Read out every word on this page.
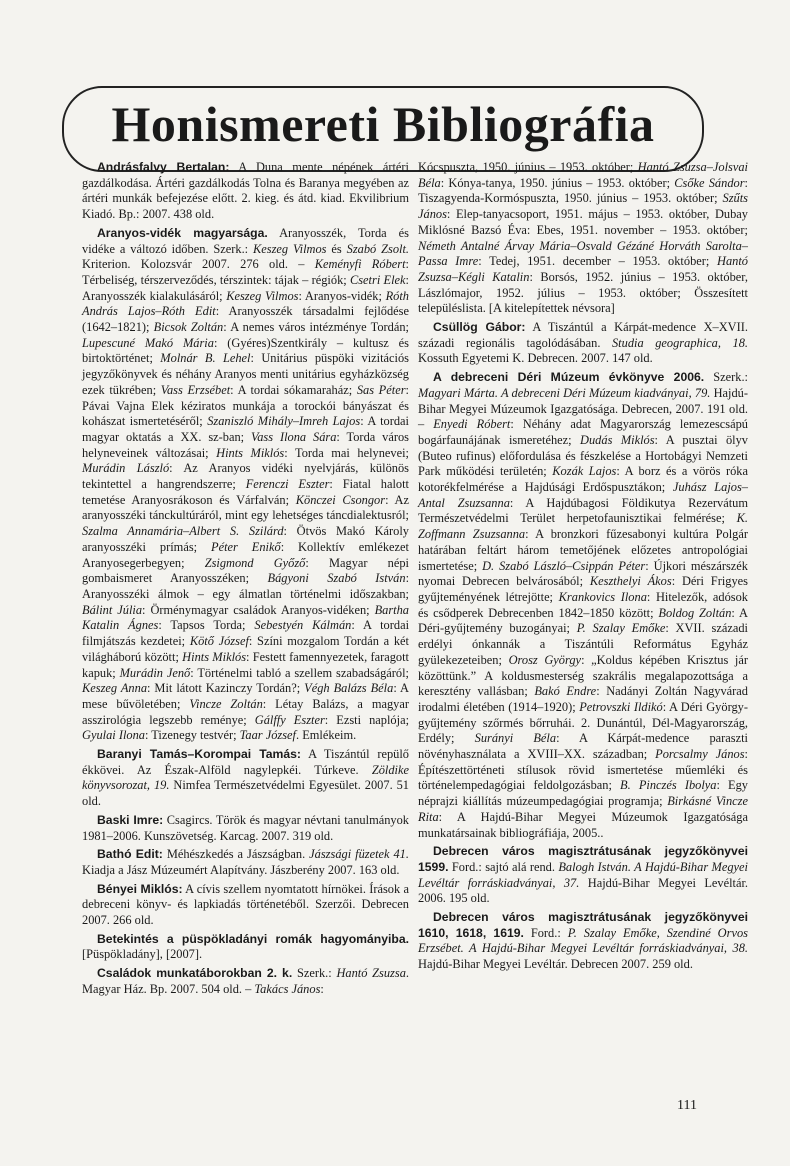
Honismereti Bibliográfia

Andrásfalvy Bertalan: A Duna mente népének ártéri gazdálkodása. Ártéri gazdálkodás Tolna és Baranya megyében az ártéri munkák befejezése előtt. 2. kieg. és átd. kiad. Ekvilibrium Kiadó. Bp.: 2007. 438 old.

Aranyos-vidék magyarsága. Aranyosszék, Torda és vidéke a változó időben. Szerk.: Keszeg Vilmos és Szabó Zsolt. Kriterion. Kolozsvár 2007. 276 old. – Keményfi Róbert: Térbeliség, térszerveződés, térszintek: tájak – régiók; Csetri Elek: Aranyosszék kialakulásáról; Keszeg Vilmos: Aranyos-vidék; Róth András Lajos–Róth Edit: Aranyosszék társadalmi fejlődése (1642–1821); Bicsok Zoltán: A nemes város intézménye Tordán; Lupescuné Makó Mária: (Gyéres)Szentkirály – kultusz és birtoktörténet; Molnár B. Lehel: Unitárius püspöki vizitációs jegyzőkönyvek és néhány Aranyos menti unitárius egyházközség ezek tükrében; Vass Erzsébet: A tordai sókamaraház; Sas Péter: Pávai Vajna Elek kéziratos munkája a torockói bányászat és kohászat ismertetéséről; Szaniszló Mihály–Imreh Lajos: A tordai magyar oktatás a XX. sz-ban; Vass Ilona Sára: Torda város helyneveinek változásai; Hints Miklós: Torda mai helynevei; Murádin László: Az Aranyos vidéki nyelvjárás, különös tekintettel a hangrendszerre; Ferenczi Eszter: Fiatal halott temetése Aranyosrákoson és Várfalván; Könczei Csongor: Az aranyosszéki tánckultúráról, mint egy lehetséges táncdialektusról; Szalma Annamária–Albert S. Szilárd: Ötvös Makó Károly aranyosszéki prímás; Péter Enikő: Kollektív emlékezet Aranyosegerbegyen; Zsigmond Győző: Magyar népi gombaismeret Aranyosszéken; Bágyoni Szabó István: Aranyosszéki álmok – egy álmatlan történelmi időszakban; Bálint Júlia: Örménymagyar családok Aranyos-vidéken; Bartha Katalin Ágnes: Tapsos Torda; Sebestyén Kálmán: A tordai filmjátszás kezdetei; Kötő József: Színi mozgalom Tordán a két világháború között; Hints Miklós: Festett famennyezetek, faragott kapuk; Murádin Jenő: Történelmi tabló a szellem szabadságáról; Keszeg Anna: Mit látott Kazinczy Tordán?; Végh Balázs Béla: A mese bűvöletében; Vincze Zoltán: Létay Balázs, a magyar asszirológia legszebb reménye; Gálffy Eszter: Ezsti naplója; Gyulai Ilona: Tizenegy testvér; Taar József. Emlékeim.

Baranyi Tamás–Korompai Tamás: A Tiszántúl repülő ékkövei. Az Észak-Alföld nagylepkéi. Túrkeve. Zöldike könyvsorozat, 19. Nimfea Természetvédelmi Egyesület. 2007. 51 old.

Baski Imre: Csagircs. Török és magyar névtani tanulmányok 1981–2006. Kunszövetség. Karcag. 2007. 319 old.

Bathó Edit: Méhészkedés a Jászságban. Jászsági füzetek 41. Kiadja a Jász Múzeumért Alapítvány. Jászberény 2007. 163 old.

Bényei Miklós: A cívis szellem nyomtatott hírnökei. Írások a debreceni könyv- és lapkiadás történetéből. Szerzői. Debrecen 2007. 266 old.

Betekintés a püspökladányi romák hagyományiba. [Püspökladány], [2007].

Családok munkatáborokban 2. k. Szerk.: Hantó Zsuzsa. Magyar Ház. Bp. 2007. 504 old. – Takács János:

Kócspuszta, 1950. június – 1953. október; Hantó Zsuzsa–Jolsvai Béla: Kónya-tanya, 1950. június – 1953. október; Csőke Sándor: Tiszagyenda-Kormóspuszta, 1950. június – 1953. október; Szűts János: Elep-tanyacsoport, 1951. május – 1953. október, Dubay Miklósné Bazsó Éva: Ebes, 1951. november – 1953. október; Németh Antalné Árvay Mária–Osvald Gézáné Horváth Sarolta–Passa Imre: Tedej, 1951. december – 1953. október; Hantó Zsuzsa–Kégli Katalin: Borsós, 1952. június – 1953. október, Lászlómajor, 1952. július – 1953. október; Összesített településlista. [A kitelepítettek névsora]

Csüllög Gábor: A Tiszántúl a Kárpát-medence X–XVII. századi regionális tagolódásában. Studia geographica, 18. Kossuth Egyetemi K. Debrecen. 2007. 147 old.

A debreceni Déri Múzeum évkönyve 2006. Szerk.: Magyari Márta. A debreceni Déri Múzeum kiadványai, 79. Hajdú-Bihar Megyei Múzeumok Igazgatósága. Debrecen, 2007. 191 old. – Enyedi Róbert: Néhány adat Magyarország lemezescsápú bogárfaunájának ismeretéhez; Dudás Miklós: A pusztai ölyv (Buteo rufinus) előfordulása és fészkelése a Hortobágyi Nemzeti Park működési területén; Kozák Lajos: A borz és a vörös róka kotorékfelmérése a Hajdúsági Erdőspusztákon; Juhász Lajos–Antal Zsuzsanna: A Hajdúbagosi Földikutya Rezervátum Természetvédelmi Terület herpetofaunisztikai felmérése; K. Zoffmann Zsuzsanna: A bronzkori fűzesabonyi kultúra Polgár határában feltárt három temetőjének előzetes antropológiai ismertetése; D. Szabó László–Csippán Péter: Újkori mészárszék nyomai Debrecen belvárosából; Keszthelyi Ákos: Déri Frigyes gyűjteményének létrejötte; Krankovics Ilona: Hitelezők, adósok és csődperek Debrecenben 1842–1850 között; Boldog Zoltán: A Déri-gyűjtemény buzogányai; P. Szalay Emőke: XVII. századi erdélyi ónkannák a Tiszántúli Református Egyház gyülekezeteiben; Orosz György: „Koldus képében Krisztus jár közöttünk.” A koldusmesterség szakrális megalapozottsága a keresztény vallásban; Bakó Endre: Nadányi Zoltán Nagyvárad irodalmi életében (1914–1920); Petrovszki Ildikó: A Déri György-gyűjtemény szőrmés bőrruhái. 2. Dunántúl, Dél-Magyarország, Erdély; Surányi Béla: A Kárpát-medence paraszti növényhasználata a XVIII–XX. században; Porcsalmy János: Építészettörténeti stílusok rövid ismertetése műemléki és történelempedagógiai feldolgozásban; B. Pinczés Ibolya: Egy néprajzi kiállítás múzeumpedagógiai programja; Birkásné Vincze Rita: A Hajdú-Bihar Megyei Múzeumok Igazgatósága munkatársainak bibliográfiája, 2005..

Debrecen város magisztrátusának jegyzőkönyvei 1599. Ford.: sajtó alá rend. Balogh István. A Hajdú-Bihar Megyei Levéltár forráskiadványai, 37. Hajdú-Bihar Megyei Levéltár. 2006. 195 old.

Debrecen város magisztrátusának jegyzőkönyvei 1610, 1618, 1619. Ford.: P. Szalay Emőke, Szendiné Orvos Erzsébet. A Hajdú-Bihar Megyei Levéltár forráskiadványai, 38. Hajdú-Bihar Megyei Levéltár. Debrecen 2007. 259 old.

111
